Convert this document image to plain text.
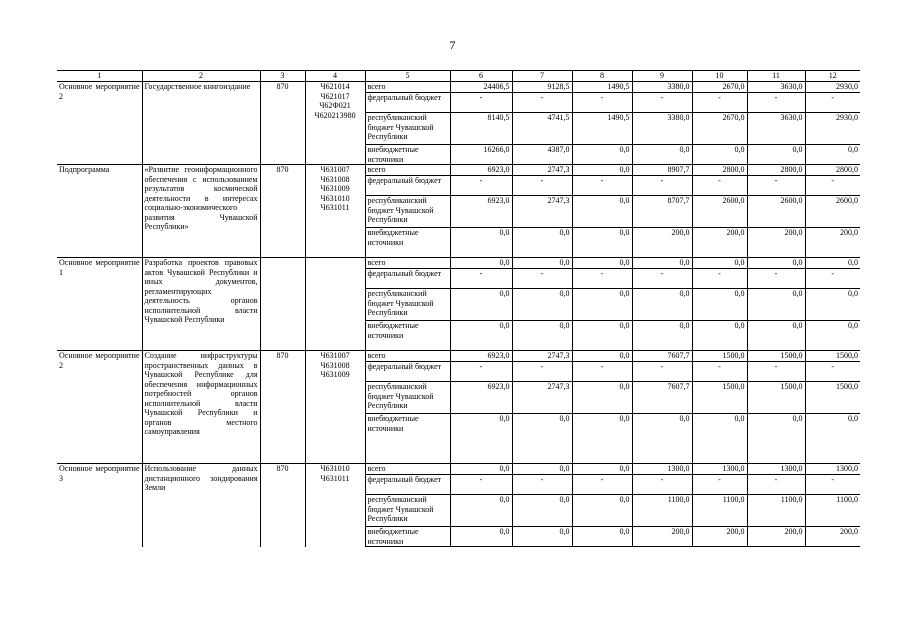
7
1	2	3	4	5	6	7	8	9	10	11	12
Основное мероприятие 2	Государственное книгоиздание	870	Ч621014
Ч621017
Ч62Ф021
Ч620213980	всего	24406,5	9128,5	1490,5	3380,0	2670,0	3630,0	2930,0
				федеральный бюджет	-	-	-	-	-	-	-
				республиканский бюджет Чувашской Республики	8140,5	4741,5	1490,5	3380,0	2670,0	3630,0	2930,0
				внебюджетные источники	16266,0	4387,0	0,0	0,0	0,0	0,0	0,0
Подпрограмма	«Развитие геоинформационного обеспечения с использованием результатов космической деятельности в интересах социально-экономического развития Чувашской Республики»	870	Ч631007
Ч631008
Ч631009
Ч631010
Ч631011	всего	6923,0	2747,3	0,0	8907,7	2800,0	2800,0	2800,0
				федеральный бюджет	-	-	-	-	-	-	-
				республиканский бюджет Чувашской Республики	6923,0	2747,3	0,0	8707,7	2600,0	2600,0	2600,0
				внебюджетные источники	0,0	0,0	0,0	200,0	200,0	200,0	200,0
Основное мероприятие 1	Разработка проектов правовых актов Чувашской Республики и иных документов, регламентирующих деятельность органов исполнительной власти Чувашской Республики			всего	0,0	0,0	0,0	0,0	0,0	0,0	0,0
				федеральный бюджет	-	-	-	-	-	-	-
				республиканский бюджет Чувашской Республики	0,0	0,0	0,0	0,0	0,0	0,0	0,0
				внебюджетные источники	0,0	0,0	0,0	0,0	0,0	0,0	0,0
Основное мероприятие 2	Создание инфраструктуры пространственных данных в Чувашской Республике для обеспечения информационных потребностей органов исполнительной власти Чувашской Республики и органов местного самоуправления	870	Ч631007
Ч631008
Ч631009	всего	6923,0	2747,3	0,0	7607,7	1500,0	1500,0	1500,0
				федеральный бюджет	-	-	-	-	-	-	-
				республиканский бюджет Чувашской Республики	6923,0	2747,3	0,0	7607,7	1500,0	1500,0	1500,0
				внебюджетные источники	0,0	0,0	0,0	0,0	0,0	0,0	0,0
Основное мероприятие 3	Использование данных дистанционного зондирования Земли	870	Ч631010
Ч631011	всего	0,0	0,0	0,0	1300,0	1300,0	1300,0	1300,0
				федеральный бюджет	-	-	-	-	-	-	-
				республиканский бюджет Чувашской Республики	0,0	0,0	0,0	1100,0	1100,0	1100,0	1100,0
				внебюджетные источники	0,0	0,0	0,0	200,0	200,0	200,0	200,0
